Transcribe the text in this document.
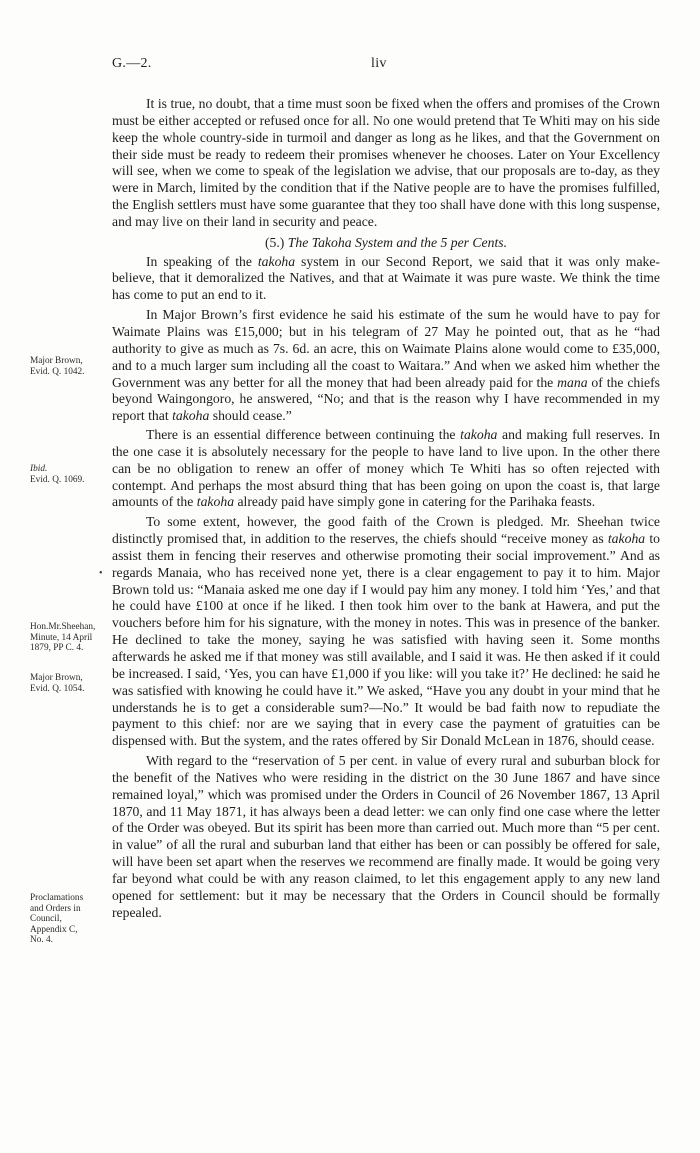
G.—2.	liv

It is true, no doubt, that a time must soon be fixed when the offers and promises of the Crown must be either accepted or refused once for all. No one would pretend that Te Whiti may on his side keep the whole country-side in turmoil and danger as long as he likes, and that the Government on their side must be ready to redeem their promises whenever he chooses. Later on Your Excellency will see, when we come to speak of the legislation we advise, that our proposals are to-day, as they were in March, limited by the condition that if the Native people are to have the promises fulfilled, the English settlers must have some guarantee that they too shall have done with this long suspense, and may live on their land in security and peace.

(5.) The Takoha System and the 5 per Cents.

In speaking of the takoha system in our Second Report, we said that it was only make-believe, that it demoralized the Natives, and that at Waimate it was pure waste. We think the time has come to put an end to it.

In Major Brown’s first evidence he said his estimate of the sum he would have to pay for Waimate Plains was £15,000; but in his telegram of 27 May he pointed out, that as he “had authority to give as much as 7s. 6d. an acre, this on Waimate Plains alone would come to £35,000, and to a much larger sum including all the coast to Waitara.” And when we asked him whether the Government was any better for all the money that had been already paid for the mana of the chiefs beyond Waingongoro, he answered, “No; and that is the reason why I have recommended in my report that takoha should cease.”

There is an essential difference between continuing the takoha and making full reserves. In the one case it is absolutely necessary for the people to have land to live upon. In the other there can be no obligation to renew an offer of money which Te Whiti has so often rejected with contempt. And perhaps the most absurd thing that has been going on upon the coast is, that large amounts of the takoha already paid have simply gone in catering for the Parihaka feasts.

To some extent, however, the good faith of the Crown is pledged. Mr. Sheehan twice distinctly promised that, in addition to the reserves, the chiefs should “receive money as takoha to assist them in fencing their reserves and otherwise promoting their social improvement.” And as regards Manaia, who has received none yet, there is a clear engagement to pay it to him. Major Brown told us: “Manaia asked me one day if I would pay him any money. I told him ‘Yes,’ and that he could have £100 at once if he liked. I then took him over to the bank at Hawera, and put the vouchers before him for his signature, with the money in notes. This was in presence of the banker. He declined to take the money, saying he was satisfied with having seen it. Some months afterwards he asked me if that money was still available, and I said it was. He then asked if it could be increased. I said, ‘Yes, you can have £1,000 if you like: will you take it?’ He declined: he said he was satisfied with knowing he could have it.” We asked, “Have you any doubt in your mind that he understands he is to get a considerable sum?—No.” It would be bad faith now to repudiate the payment to this chief: nor are we saying that in every case the payment of gratuities can be dispensed with. But the system, and the rates offered by Sir Donald McLean in 1876, should cease.

With regard to the “reservation of 5 per cent. in value of every rural and suburban block for the benefit of the Natives who were residing in the district on the 30 June 1867 and have since remained loyal,” which was promised under the Orders in Council of 26 November 1867, 13 April 1870, and 11 May 1871, it has always been a dead letter: we can only find one case where the letter of the Order was obeyed. But its spirit has been more than carried out. Much more than “5 per cent. in value” of all the rural and suburban land that either has been or can possibly be offered for sale, will have been set apart when the reserves we recommend are finally made. It would be going very far beyond what could be with any reason claimed, to let this engagement apply to any new land opened for settlement: but it may be necessary that the Orders in Council should be formally repealed.

Major Brown,
Evid. Q. 1042.
Ibid.
Evid. Q. 1069.
•
Hon.Mr.Sheehan,
Minute, 14 April
1879, PP C. 4.
Major Brown,
Evid. Q. 1054.
Proclamations
and Orders in
Council,
Appendix C,
No. 4.
